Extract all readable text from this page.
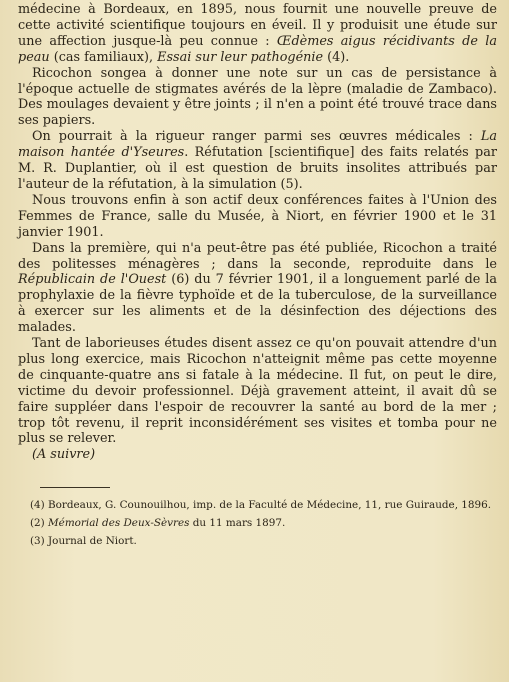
médecine à Bordeaux, en 1895, nous fournit une nouvelle preuve de cette activité scientifique toujours en éveil. Il y produisit une étude sur une affection jusque-là peu connue : Œdèmes aigus récidivants de la peau (cas familiaux), Essai sur leur pathogénie (4).

Ricochon songea à donner une note sur un cas de persistance à l'époque actuelle de stigmates avérés de la lèpre (maladie de Zambaco). Des moulages devaient y être joints ; il n'en a point été trouvé trace dans ses papiers.

On pourrait à la rigueur ranger parmi ses œuvres médicales : La maison hantée d'Yseures. Réfutation [scientifique] des faits relatés par M. R. Duplantier, où il est question de bruits insolites attribués par l'auteur de la réfutation, à la simulation (5).

Nous trouvons enfin à son actif deux conférences faites à l'Union des Femmes de France, salle du Musée, à Niort, en février 1900 et le 31 janvier 1901.

Dans la première, qui n'a peut-être pas été publiée, Ricochon a traité des politesses ménagères ; dans la seconde, reproduite dans le Républicain de l'Ouest (6) du 7 février 1901, il a longuement parlé de la prophylaxie de la fièvre typhoïde et de la tuberculose, de la surveillance à exercer sur les aliments et de la désinfection des déjections des malades.

Tant de laborieuses études disent assez ce qu'on pouvait attendre d'un plus long exercice, mais Ricochon n'atteignit même pas cette moyenne de cinquante-quatre ans si fatale à la médecine. Il fut, on peut le dire, victime du devoir professionnel. Déjà gravement atteint, il avait dû se faire suppléer dans l'espoir de recouvrer la santé au bord de la mer ; trop tôt revenu, il reprit inconsidérément ses visites et tomba pour ne plus se relever.

(A suivre)

(4) Bordeaux, G. Counouilhou, imp. de la Faculté de Médecine, 11, rue Guiraude, 1896.

(2) Mémorial des Deux-Sèvres du 11 mars 1897.

(3) Journal de Niort.
